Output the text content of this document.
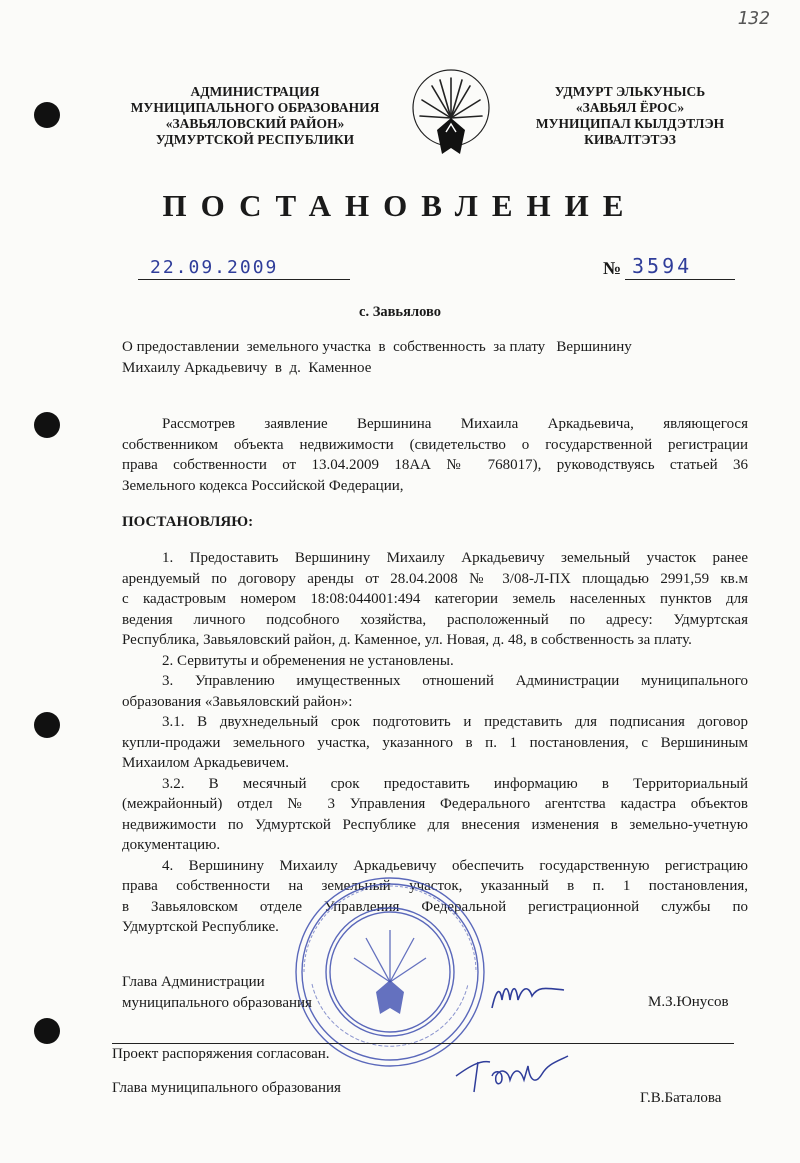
132
АДМИНИСТРАЦИЯ
МУНИЦИПАЛЬНОГО ОБРАЗОВАНИЯ
«ЗАВЬЯЛОВСКИЙ РАЙОН»
УДМУРТСКОЙ РЕСПУБЛИКИ
УДМУРТ ЭЛЬКУНЫСЬ
«ЗАВЬЯЛ ЁРОС»
МУНИЦИПАЛ КЫЛДЭТЛЭН
КИВАЛТЭТЭЗ
ПОСТАНОВЛЕНИЕ
22.09.2009	№ 3594
с. Завьялово
О предоставлении  земельного участка  в  собственность  за плату   Вершинину
Михаилу Аркадьевичу  в  д.  Каменное
Рассмотрев заявление Вершинина Михаила Аркадьевича, являющегося
собственником объекта недвижимости (свидетельство о государственной регистрации
права собственности от 13.04.2009 18АА № 768017), руководствуясь статьей 36
Земельного кодекса Российской Федерации,
ПОСТАНОВЛЯЮ:
1. Предоставить Вершинину Михаилу Аркадьевичу земельный участок ранее
арендуемый по договору аренды от 28.04.2008 № 3/08-Л-ПХ площадью 2991,59 кв.м
с кадастровым номером 18:08:044001:494 категории земель населенных пунктов для
ведения личного подсобного хозяйства, расположенный по адресу: Удмуртская
Республика, Завьяловский район, д. Каменное, ул. Новая, д. 48, в собственность за плату.
2. Сервитуты и обременения не установлены.
3. Управлению имущественных отношений Администрации муниципального
образования «Завьяловский район»:
3.1. В двухнедельный срок подготовить и представить для подписания договор
купли-продажи земельного участка, указанного в п. 1 постановления, с Вершининым
Михаилом Аркадьевичем.
3.2. В месячный срок предоставить информацию в Территориальный
(межрайонный) отдел № 3 Управления Федерального агентства кадастра объектов
недвижимости по Удмуртской Республике для внесения изменения в земельно-учетную
документацию.
4. Вершинину Михаилу Аркадьевичу обеспечить государственную регистрацию
права собственности на земельный участок, указанный в п. 1 постановления,
в Завьяловском отделе Управления Федеральной регистрационной службы по
Удмуртской Республике.
Глава Администрации
муниципального образования	М.З.Юнусов
Проект распоряжения согласован.
Глава муниципального образования
Г.В.Баталова
